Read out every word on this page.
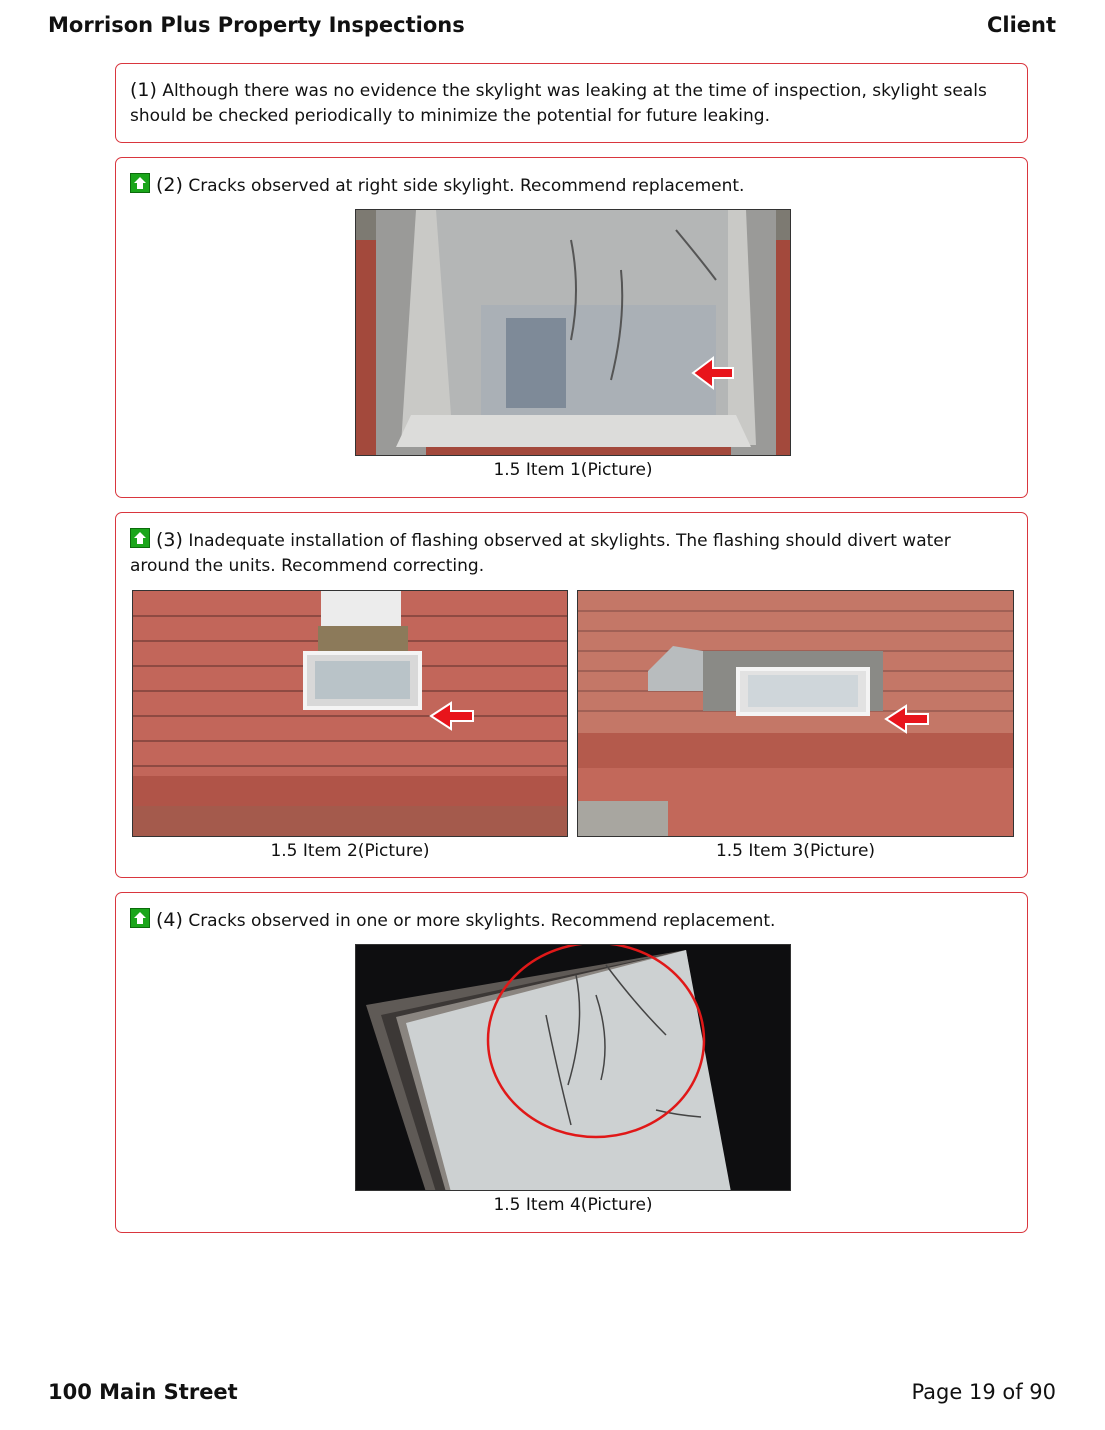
Morrison Plus Property Inspections	Client
(1) Although there was no evidence the skylight was leaking at the time of inspection, skylight seals should be checked periodically to minimize the potential for future leaking.
(2) Cracks observed at right side skylight. Recommend replacement.
1.5 Item 1(Picture)
(3) Inadequate installation of flashing observed at skylights. The flashing should divert water around the units. Recommend correcting.
1.5 Item 2(Picture)	1.5 Item 3(Picture)
(4) Cracks observed in one or more skylights. Recommend replacement.
1.5 Item 4(Picture)
100 Main Street	Page 19 of 90
